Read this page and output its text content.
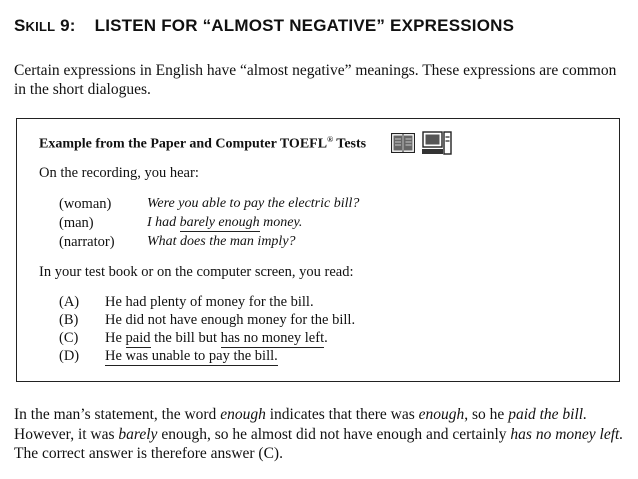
SKILL 9: LISTEN FOR “ALMOST NEGATIVE” EXPRESSIONS
Certain expressions in English have “almost negative” meanings. These expressions are common in the short dialogues.
Example from the Paper and Computer TOEFL® Tests
On the recording, you hear:
(woman)	Were you able to pay the electric bill?
(man)	I had barely enough money.
(narrator) What does the man imply?
In your test book or on the computer screen, you read:
(A) He had plenty of money for the bill.
(B) He did not have enough money for the bill.
(C) He paid the bill but has no money left.
(D) He was unable to pay the bill.
In the man’s statement, the word enough indicates that there was enough, so he paid the bill. However, it was barely enough, so he almost did not have enough and certainly has no money left. The correct answer is therefore answer (C).
